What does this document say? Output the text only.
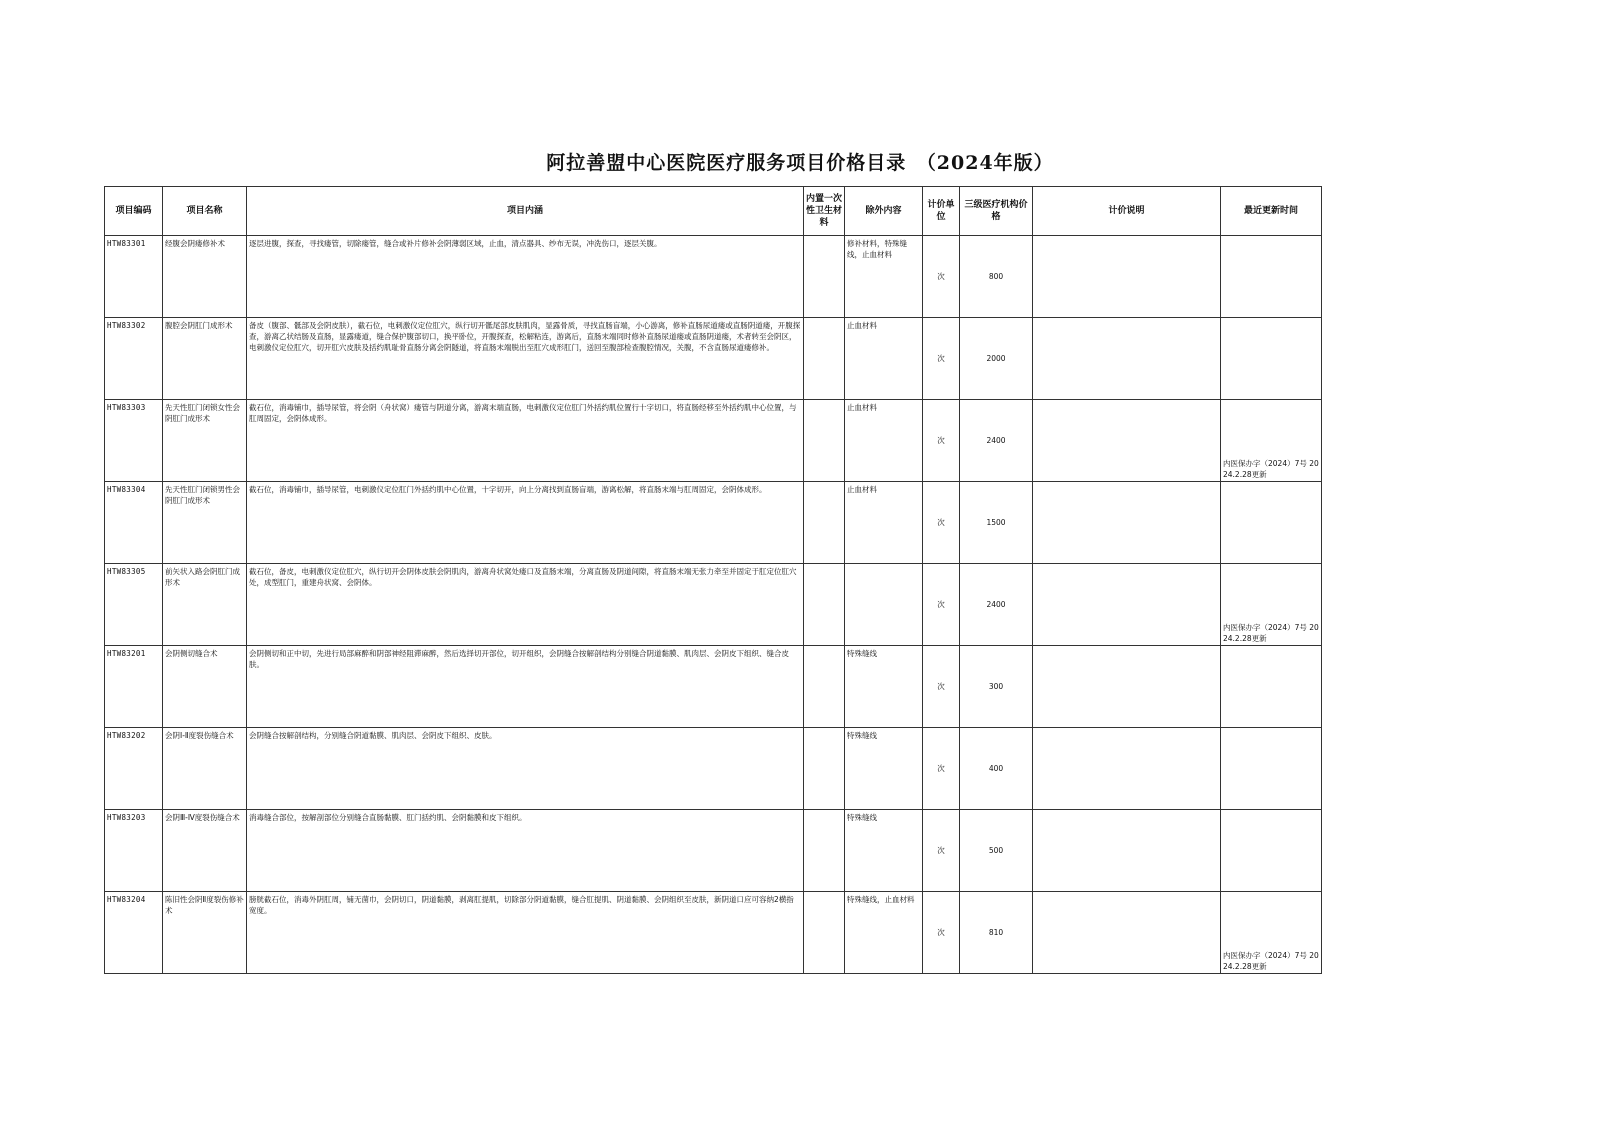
阿拉善盟中心医院医疗服务项目价格目录　（2024年版）
项目编码	项目名称	项目内涵	内置一次性卫生材料	除外内容	计价单位	三级医疗机构价格	计价说明	最近更新时间
HTW83301	经腹会阴瘘修补术	逐层进腹，探查，寻找瘘管，切除瘘管，缝合或补片修补会阴薄弱区域，止血，清点器具、纱布无误，冲洗伤口，逐层关腹。		修补材料，特殊缝线，止血材料	次	800		
HTW83302	腹腔会阴肛门成形术	备皮（腹部、骶部及会阴皮肤），截石位，电刺激仪定位肛穴，纵行切开骶尾部皮肤肌肉，显露骨质，寻找直肠盲端，小心游离，修补直肠尿道瘘或直肠阴道瘘，开腹探查，游离乙状结肠及直肠，显露瘘道，缝合保护腹部切口，换平卧位，开腹探查，松解粘连，游离后，直肠末端同时修补直肠尿道瘘或直肠阴道瘘，术者转至会阴区，电刺激仪定位肛穴，切开肛穴皮肤及括约肌耻骨直肠分离会阴隧道，将直肠末端脱出至肛穴成形肛门，送回至腹部检查腹腔情况，关腹，不含直肠尿道瘘修补。		止血材料	次	2000		
HTW83303	先天性肛门闭锁女性会阴肛门成形术	截石位，消毒铺巾，插导尿管，将会阴（舟状窝）瘘管与阴道分离，游离末端直肠，电刺激仪定位肛门外括约肌位置行十字切口，将直肠经移至外括约肌中心位置，与肛周固定，会阴体成形。		止血材料	次	2400		内医保办字（2024）7号 2024.2.28更新
HTW83304	先天性肛门闭锁男性会阴肛门成形术	截石位，消毒铺巾，插导尿管，电刺激仪定位肛门外括约肌中心位置，十字切开，向上分离找到直肠盲端，游离松解，将直肠末端与肛周固定，会阴体成形。		止血材料	次	1500		
HTW83305	前矢状入路会阴肛门成形术	截石位，备皮，电刺激仪定位肛穴，纵行切开会阴体皮肤会阴肌肉，游离舟状窝处瘘口及直肠末端，分离直肠及阴道间隙，将直肠末端无张力牵至并固定于肛定位肛穴处，成型肛门，重建舟状窝、会阴体。			次	2400		内医保办字（2024）7号 2024.2.28更新
HTW83201	会阴侧切缝合术	会阴侧切和正中切，先进行局部麻醉和阴部神经阻滞麻醉，然后选择切开部位，切开组织，会阴缝合按解剖结构分别缝合阴道黏膜、肌肉层、会阴皮下组织、缝合皮肤。		特殊缝线	次	300		
HTW83202	会阴Ⅰ-Ⅱ度裂伤缝合术	会阴缝合按解剖结构，分别缝合阴道黏膜、肌肉层、会阴皮下组织、皮肤。		特殊缝线	次	400		
HTW83203	会阴Ⅲ-Ⅳ度裂伤缝合术	消毒缝合部位，按解剖部位分别缝合直肠黏膜、肛门括约肌、会阴黏膜和皮下组织。		特殊缝线	次	500		
HTW83204	陈旧性会阴Ⅱ度裂伤修补术	膀胱截石位，消毒外阴肛周，铺无菌巾，会阴切口，阴道黏膜，剥离肛提肌，切除部分阴道黏膜，缝合肛提肌、阴道黏膜、会阴组织至皮肤，新阴道口应可容纳2横指宽度。		特殊缝线，止血材料	次	810		内医保办字（2024）7号 2024.2.28更新
